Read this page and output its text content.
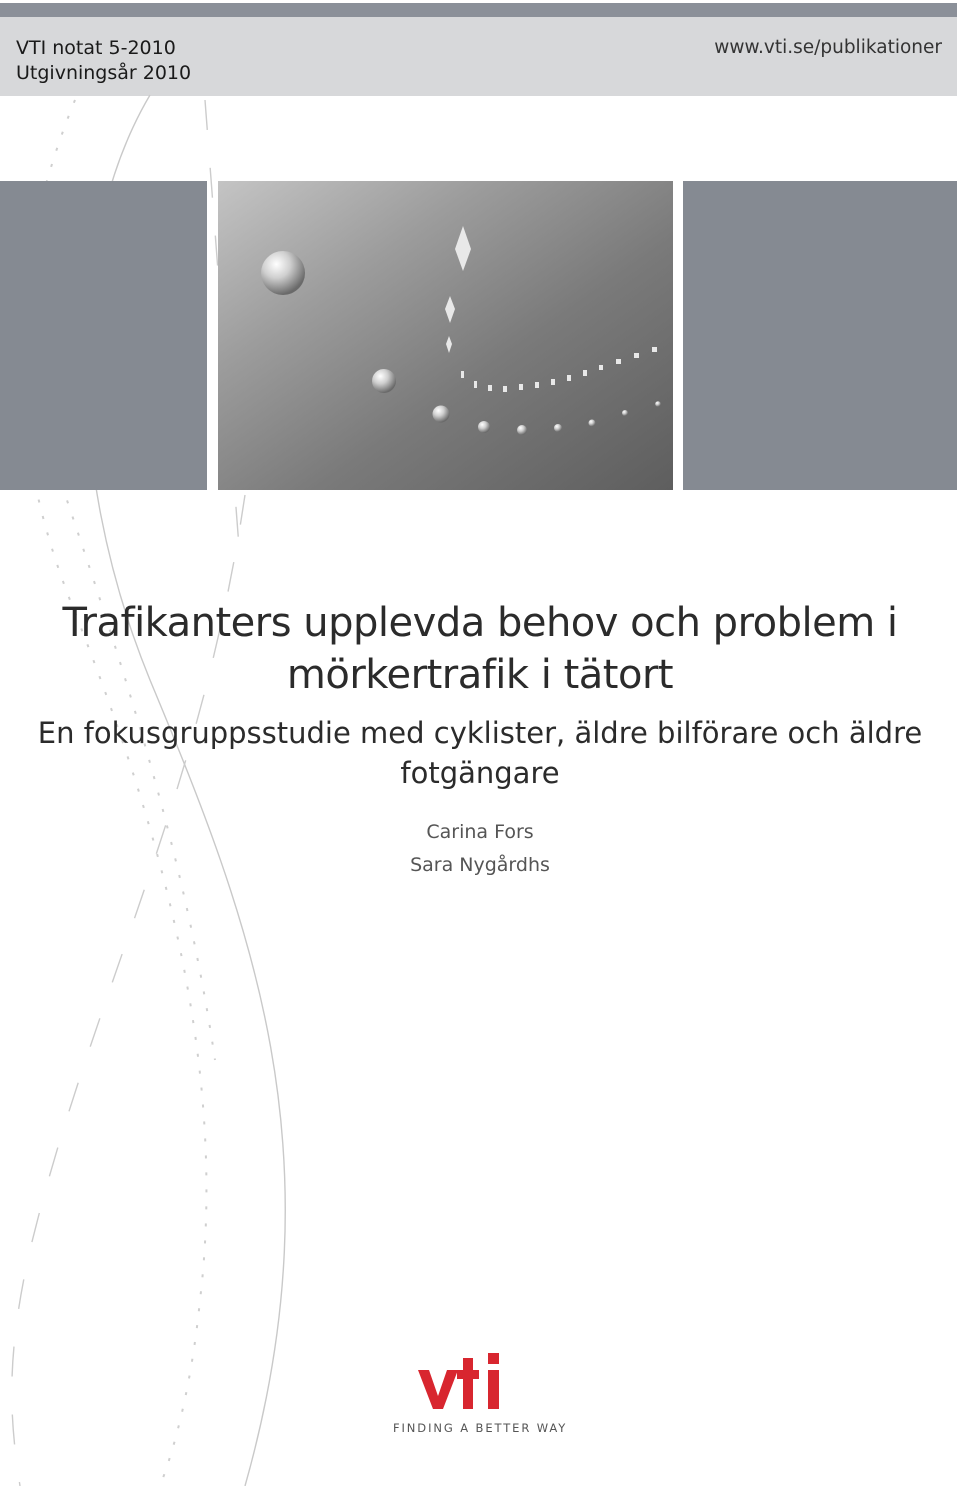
VTI notat 5-2010
Utgivningsår 2010
www.vti.se/publikationer
Trafikanters upplevda behov och problem i
mörkertrafik i tätort
En fokusgruppsstudie med cyklister, äldre bilförare och äldre
fotgängare
Carina Fors
Sara Nygårdhs
FINDING A BETTER WAY
